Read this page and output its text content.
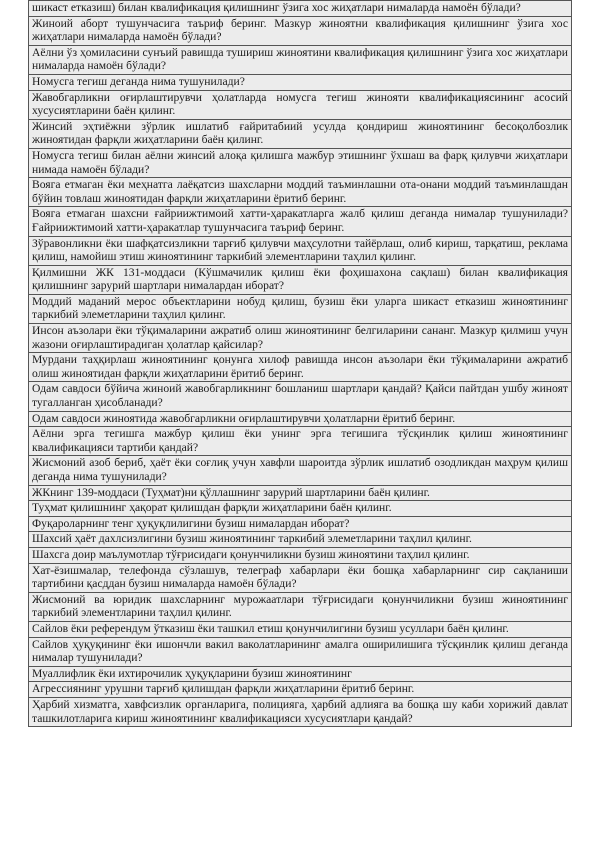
шикаст етказиш) билан квалификация қилишнинг ўзига хос жиҳатлари нималарда намоён бўлади?
Жиноий аборт тушунчасига таъриф беринг. Мазкур жиноятни квалификация қилишнинг ўзига хос жиҳатлари нималарда намоён бўлади?
Аёлни ўз ҳомиласини сунъий равишда тушириш жиноятини квалификация қилишнинг ўзига хос жиҳатлари нималарда намоён бўлади?
Номусга тегиш деганда нима тушунилади?
Жавобгарликни оғирлаштирувчи ҳолатларда номусга тегиш жинояти квалификациясининг асосий хусусиятларини баён қилинг.
Жинсий эҳтиёжни зўрлик ишлатиб ғайритабиий усулда қондириш жиноятининг бесоқолбозлик жиноятидан фарқли жиҳатларини баён қилинг.
Номусга тегиш билан аёлни жинсий алоқа қилишга мажбур этишнинг ўхшаш ва фарқ қилувчи жиҳатлари нимада намоён бўлади?
Вояга етмаган ёки меҳнатга лаёқатсиз шахсларни моддий таъминлашни ота-онани моддий таъминлашдан бўйин товлаш жиноятидан фарқли жиҳатларини ёритиб беринг.
Вояга етмаган шахсни ғайриижтимоий хатти-ҳаракатларга жалб қилиш деганда нималар тушунилади? Ғайриижтимоий хатти-ҳаракатлар тушунчасига таъриф беринг.
Зўравонликни ёки шафқатсизликни тарғиб қилувчи маҳсулотни тайёрлаш, олиб кириш, тарқатиш, реклама қилиш, намойиш этиш жиноятининг таркибий элементларини таҳлил қилинг.
Қилмишни ЖК 131-моддаси (Кўшмачилик қилиш ёки фоҳишахона сақлаш) билан квалификация қилишнинг зарурий шартлари нималардан иборат?
Моддий маданий мерос объектларини нобуд қилиш, бузиш ёки уларга шикаст етказиш жиноятининг таркибий элеметларини таҳлил қилинг.
Инсон аъзолари ёки тўқималарини ажратиб олиш жиноятининг белгиларини сананг. Мазкур қилмиш учун жазони оғирлаштирадиган ҳолатлар қайсилар?
Мурдани таҳқирлаш жиноятининг қонунга хилоф равишда инсон аъзолари ёки тўқималарини ажратиб олиш жиноятидан фарқли жиҳатларини ёритиб беринг.
Одам савдоси бўйича жиноий жавобгарликнинг бошланиш шартлари қандай? Қайси пайтдан ушбу жиноят тугалланган ҳисобланади?
Одам савдоси жиноятида жавобгарликни оғирлаштирувчи ҳолатларни ёритиб беринг.
Аёлни эрга тегишга мажбур қилиш ёки унинг эрга тегишига тўсқинлик қилиш жиноятининг квалификацияси тартиби қандай?
Жисмоний азоб бериб, ҳаёт ёки соғлиқ учун хавфли шароитда зўрлик ишлатиб озодликдан маҳрум қилиш деганда нима тушунилади?
ЖКнинг 139-моддаси (Туҳмат)ни қўллашнинг зарурий шартларини баён қилинг.
Туҳмат қилишнинг ҳақорат қилишдан фарқли жиҳатларини баён қилинг.
Фуқароларнинг тенг ҳуқуқлилигини бузиш нималардан иборат?
Шахсий ҳаёт дахлсизлигини бузиш жиноятининг таркибий элеметларини таҳлил қилинг.
Шахсга доир маълумотлар тўғрисидаги қонунчиликни бузиш жиноятини таҳлил қилинг.
Хат-ёзишмалар, телефонда сўзлашув, телеграф хабарлари ёки бошқа хабарларнинг сир сақланиши тартибини қасддан бузиш нималарда намоён бўлади?
Жисмоний ва юридик шахсларнинг мурожаатлари тўғрисидаги қонунчиликни бузиш жиноятининг таркибий элементларини таҳлил қилинг.
Сайлов ёки референдум ўтказиш ёки ташкил етиш қонунчилигини бузиш усуллари баён қилинг.
Сайлов ҳуқуқининг ёки ишончли вакил ваколатларининг амалга оширилишига тўсқинлик қилиш деганда нималар тушунилади?
Муаллифлик ёки ихтирочилик ҳуқуқларини бузиш жиноятининг
Агрессиянинг урушни тарғиб қилишдан фарқли жиҳатларини ёритиб беринг.
Ҳарбий хизматга, хавфсизлик органларига, полицияга, ҳарбий адлияга ва бошқа шу каби хорижий давлат ташкилотларига кириш жиноятининг квалификацияси хусусиятлари қандай?
